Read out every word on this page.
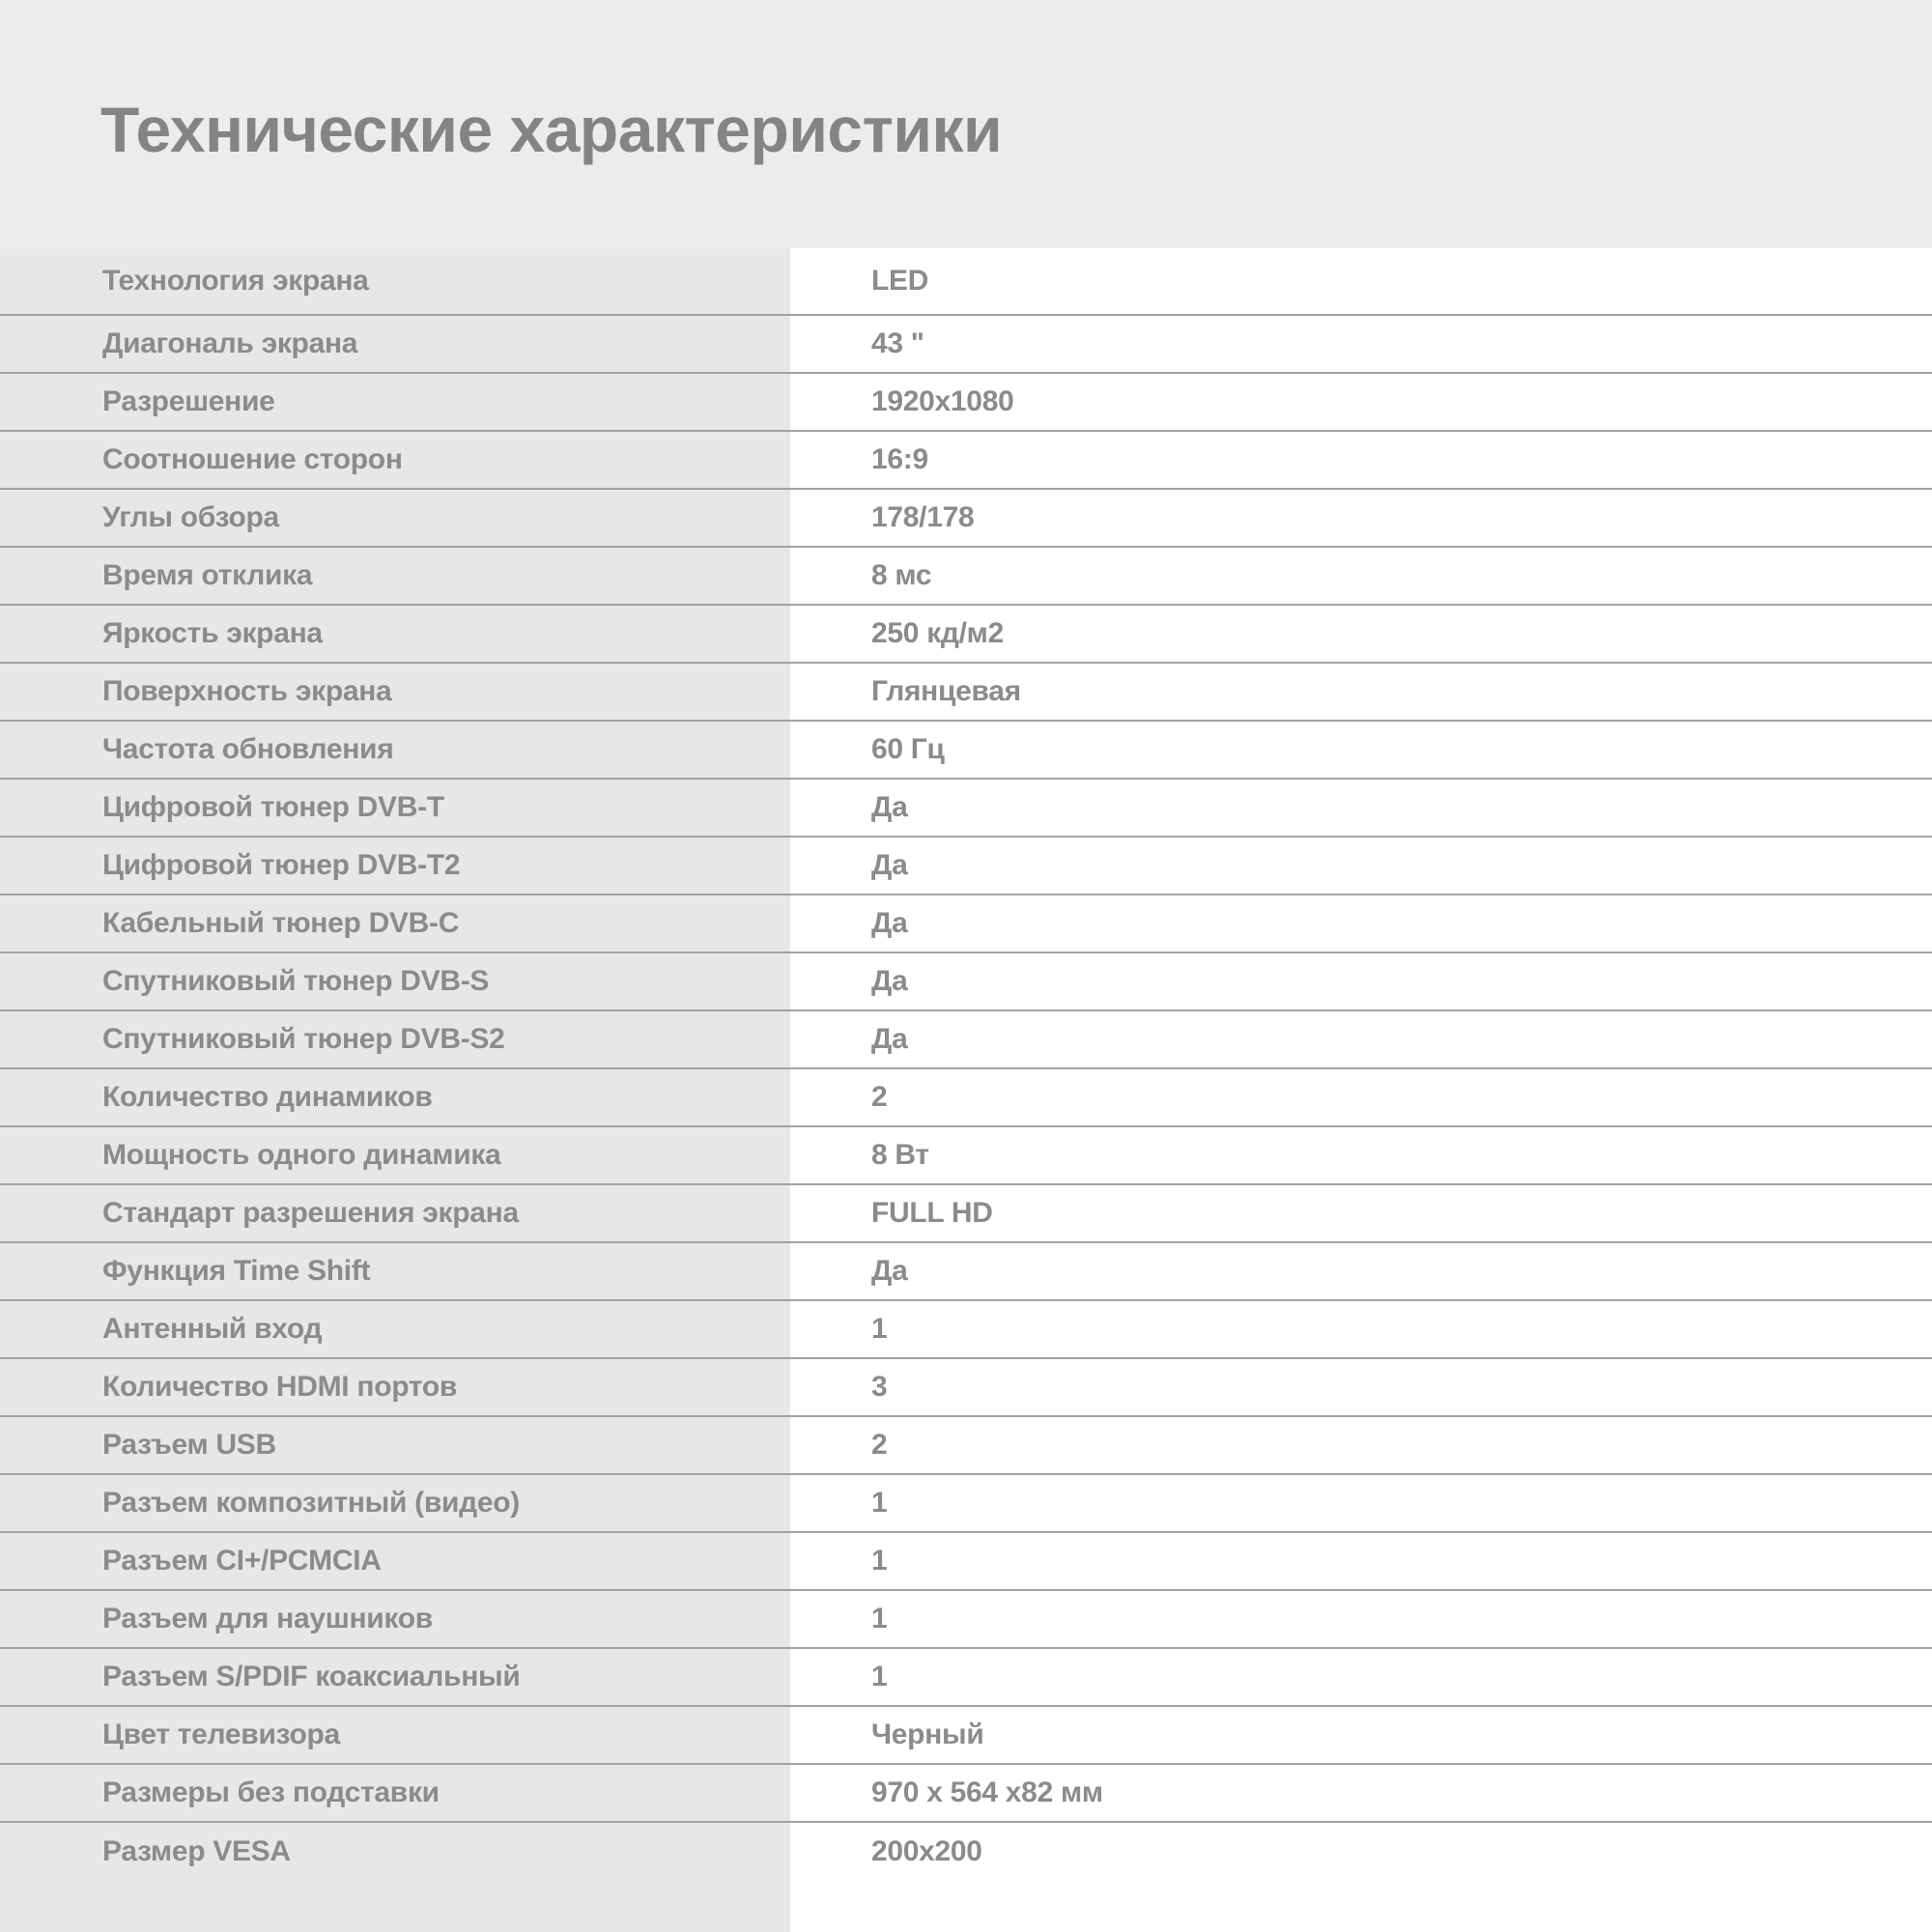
Технические характеристики
Технология экрана	LED
Диагональ экрана	43 "
Разрешение	1920x1080
Соотношение сторон	16:9
Углы обзора	178/178
Время отклика	8 мс
Яркость экрана	250 кд/м2
Поверхность экрана	Глянцевая
Частота обновления	60 Гц
Цифровой тюнер DVB-T	Да
Цифровой тюнер DVB-T2	Да
Кабельный тюнер DVB-C	Да
Спутниковый тюнер DVB-S	Да
Спутниковый тюнер DVB-S2	Да
Количество динамиков	2
Мощность одного динамика	8 Вт
Стандарт разрешения экрана	FULL HD
Функция Time Shift	Да
Антенный вход	1
Количество HDMI портов	3
Разъем USB	2
Разъем композитный (видео)	1
Разъем CI+/PCMCIA	1
Разъем для наушников	1
Разъем S/PDIF коаксиальный	1
Цвет телевизора	Черный
Размеры без подставки	970 x 564 x82 мм
Размер VESA	200x200
